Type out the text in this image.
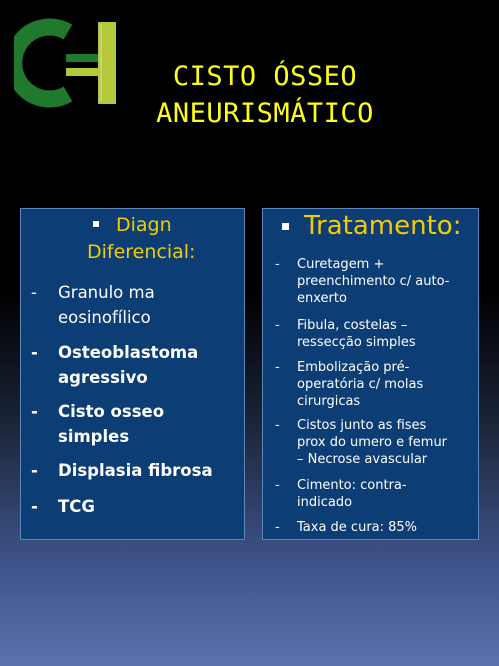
CISTO ÓSSEO
ANEURISMÁTICO
Diagn
Diferencial:
- Granulo ma
eosinofílico
- Osteoblastoma
agressivo
- Cisto osseo
simples
- Displasia fibrosa
- TCG
Tratamento:
- Curetagem +
preenchimento c/ auto-
enxerto
- Fibula, costelas –
ressecção simples
- Embolização pré-
operatória c/ molas
cirurgicas
- Cistos junto as fises
prox do umero e femur
– Necrose avascular
- Cimento: contra-
indicado
- Taxa de cura: 85%
